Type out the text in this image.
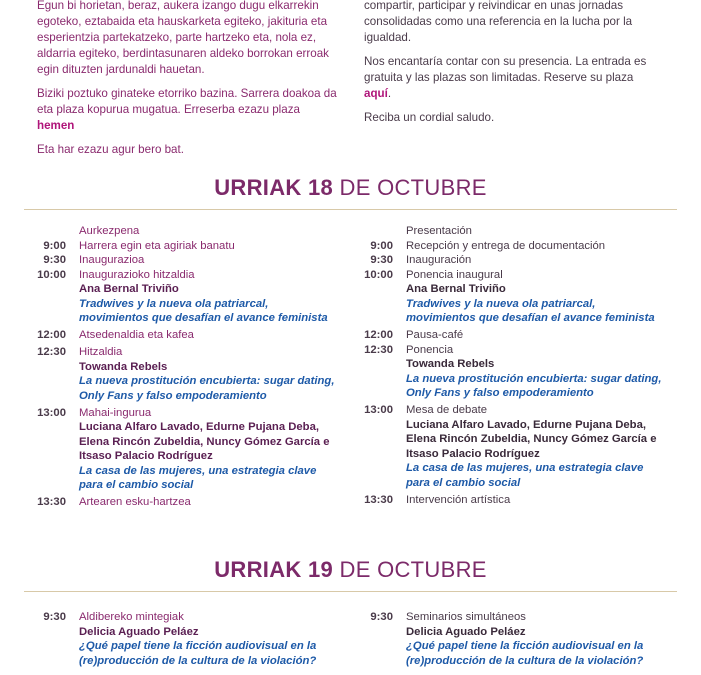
Egun bi horietan, beraz, aukera izango dugu elkarrekin egoteko, eztabaida eta hauskarketa egiteko, jakituria eta esperientzia partekatzeko, parte hartzeko eta, nola ez, aldarria egiteko, berdintasunaren aldeko borrokan erroak egin dituzten jardunaldi hauetan.

Biziki poztuko ginateke etorriko bazina. Sarrera doakoa da eta plaza kopurua mugatua. Erreserba ezazu plaza hemen

Eta har ezazu agur bero bat.

compartir, participar y reivindicar en unas jornadas consolidadas como una referencia en la lucha por la igualdad.

Nos encantaría contar con su presencia. La entrada es gratuita y las plazas son limitadas. Reserve su plaza aquí.

Reciba un cordial saludo.

URRIAK 18 DE OCTUBRE
Aurkezpena
9:00 Harrera egin eta agiriak banatu
9:30 Inaugurazioa
10:00 Inaugurazioko hitzaldia
Ana Bernal Triviño
Tradwives y la nueva ola patriarcal, movimientos que desafían el avance feminista
12:00 Atsedenaldia eta kafea
12:30 Hitzaldia
Towanda Rebels
La nueva prostitución encubierta: sugar dating, Only Fans y falso empoderamiento
13:00 Mahai-ingurua
Luciana Alfaro Lavado, Edurne Pujana Deba, Elena Rincón Zubeldia, Nuncy Gómez García e Itsaso Palacio Rodríguez
La casa de las mujeres, una estrategia clave para el cambio social
13:30 Artearen esku-hartzea
Presentación
9:00 Recepción y entrega de documentación
9:30 Inauguración
10:00 Ponencia inaugural
Ana Bernal Triviño
Tradwives y la nueva ola patriarcal, movimientos que desafían el avance feminista
12:00 Pausa-café
12:30 Ponencia
Towanda Rebels
La nueva prostitución encubierta: sugar dating, Only Fans y falso empoderamiento
13:00 Mesa de debate
Luciana Alfaro Lavado, Edurne Pujana Deba, Elena Rincón Zubeldia, Nuncy Gómez García e Itsaso Palacio Rodríguez
La casa de las mujeres, una estrategia clave para el cambio social
13:30 Intervención artística
URRIAK 19 DE OCTUBRE
9:30 Aldibereko mintegiak
Delicia Aguado Peláez
¿Qué papel tiene la ficción audiovisual en la (re)producción de la cultura de la violación?
9:30 Seminarios simultáneos
Delicia Aguado Peláez
¿Qué papel tiene la ficción audiovisual en la (re)producción de la cultura de la violación?
